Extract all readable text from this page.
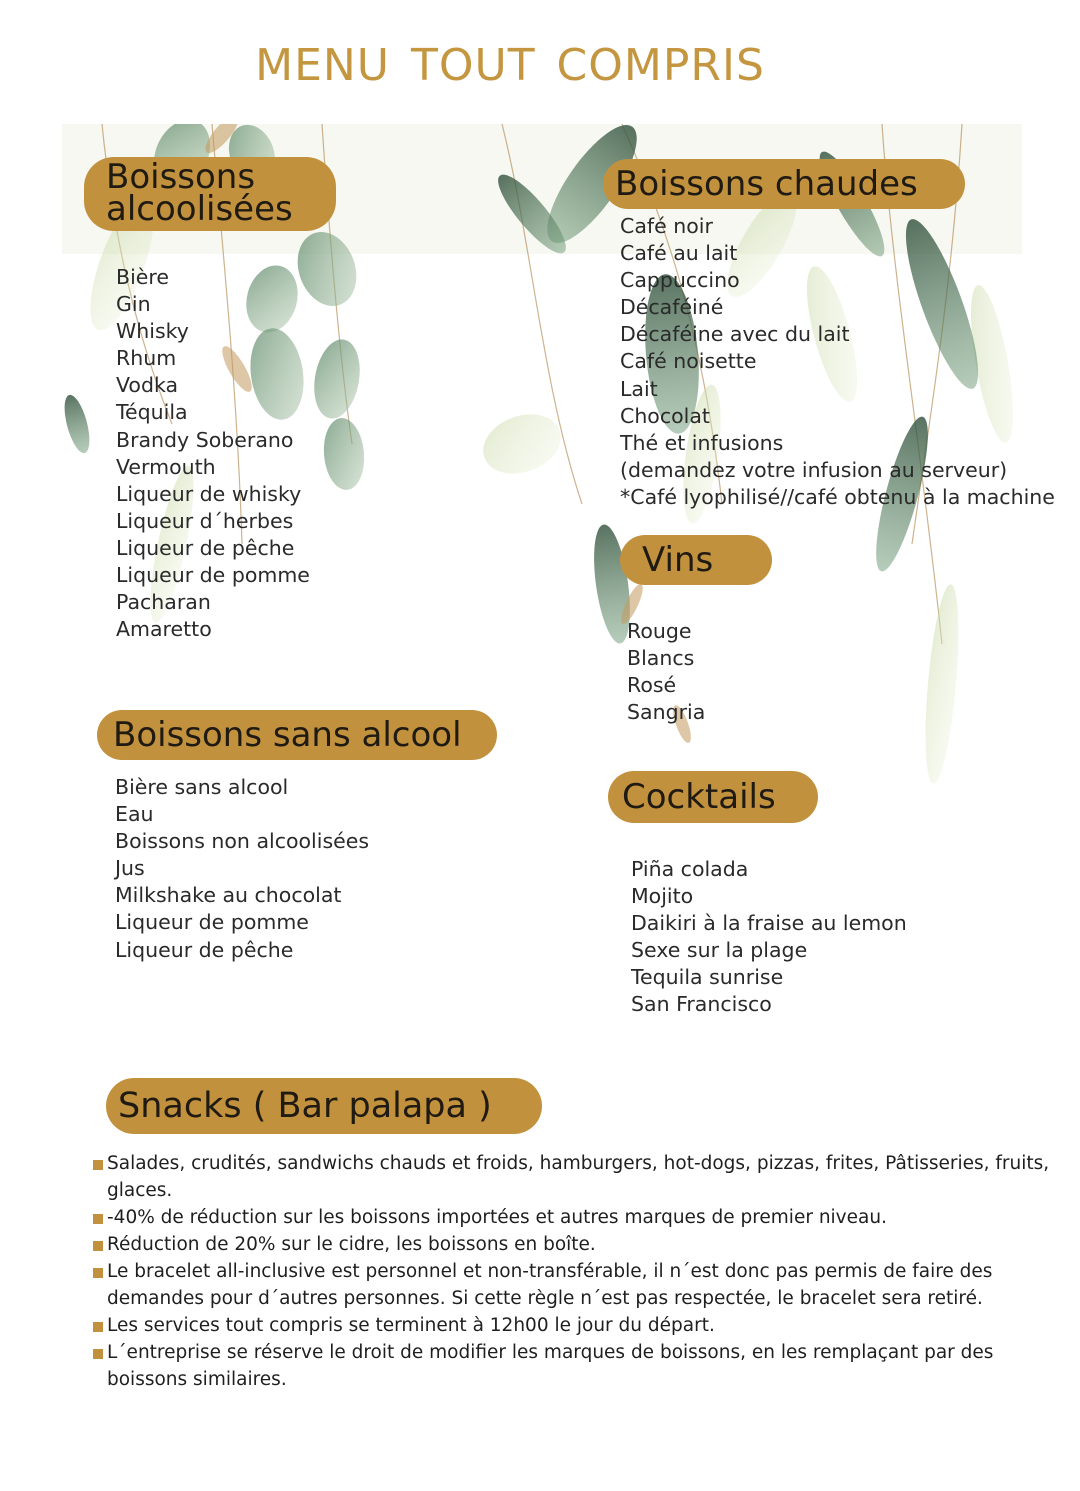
MENU TOUT COMPRIS
Boissons
alcoolisées
Bière
Gin
Whisky
Rhum
Vodka
Téquila
Brandy Soberano
Vermouth
Liqueur de whisky
Liqueur d´herbes
Liqueur de pêche
Liqueur de pomme
Pacharan
Amaretto
Boissons chaudes
Café noir
Café au lait
Cappuccino
Décaféiné
Décaféine avec du lait
Café noisette
Lait
Chocolat
Thé et infusions
(demandez votre infusion au serveur)
*Café lyophilisé//café obtenu à la machine
Vins
Rouge
Blancs
Rosé
Sangria
Boissons sans alcool
Bière sans alcool
Eau
Boissons non alcoolisées
Jus
Milkshake au chocolat
Liqueur de pomme
Liqueur de pêche
Cocktails
Piña colada
Mojito
Daikiri à la fraise au lemon
Sexe sur la plage
Tequila sunrise
San Francisco
Snacks ( Bar palapa )
Salades, crudités, sandwichs chauds et froids, hamburgers, hot-dogs, pizzas, frites, Pâtisseries, fruits, glaces.
-40% de réduction sur les boissons importées et autres marques de premier niveau.
Réduction de 20% sur le cidre, les boissons en boîte.
Le bracelet all-inclusive est personnel et non-transférable, il n´est donc pas permis de faire des demandes pour d´autres personnes. Si cette règle n´est pas respectée, le bracelet sera retiré.
Les services tout compris se terminent à 12h00 le jour du départ.
L´entreprise se réserve le droit de modifier les marques de boissons, en les remplaçant par des boissons similaires.
